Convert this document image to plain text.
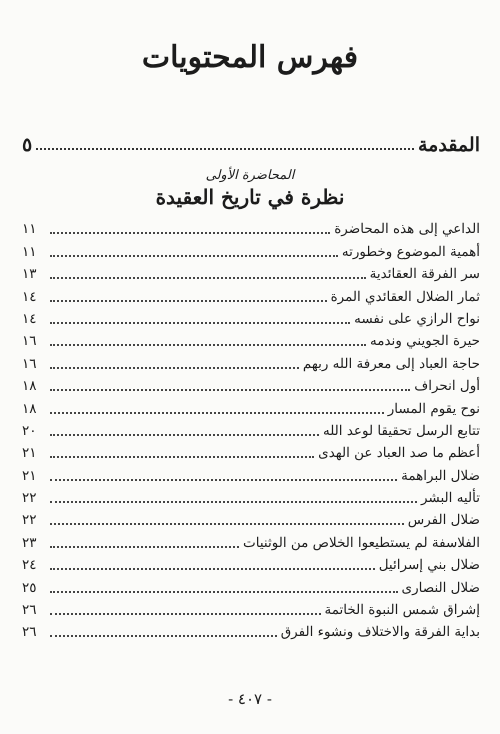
فهرس المحتويات
المقدمة
٥
المحاضرة الأولى
نظرة في تاريخ العقيدة
الداعي إلى هذه المحاضرة
١١
أهمية الموضوع وخطورته
١١
سر الفرقة العقائدية
١٣
ثمار الضلال العقائدي المرة
١٤
نواح الرازي على نفسه
١٤
حيرة الجويني وندمه
١٦
حاجة العباد إلى معرفة الله ربهم
١٦
أول انحراف
١٨
نوح يقوم المسار
١٨
تتابع الرسل تحقيقا لوعد الله
٢٠
أعظم ما صد العباد عن الهدى
٢١
ضلال البراهمة
٢١
تأليه البشر
٢٢
ضلال الفرس
٢٢
الفلاسفة لم يستطيعوا الخلاص من الوثنيات
٢٣
ضلال بني إسرائيل
٢٤
ضلال النصارى
٢٥
إشراق شمس النبوة الخاتمة
٢٦
بداية الفرقة والاختلاف ونشوء الفرق
٢٦
- ٤٠٧ -
